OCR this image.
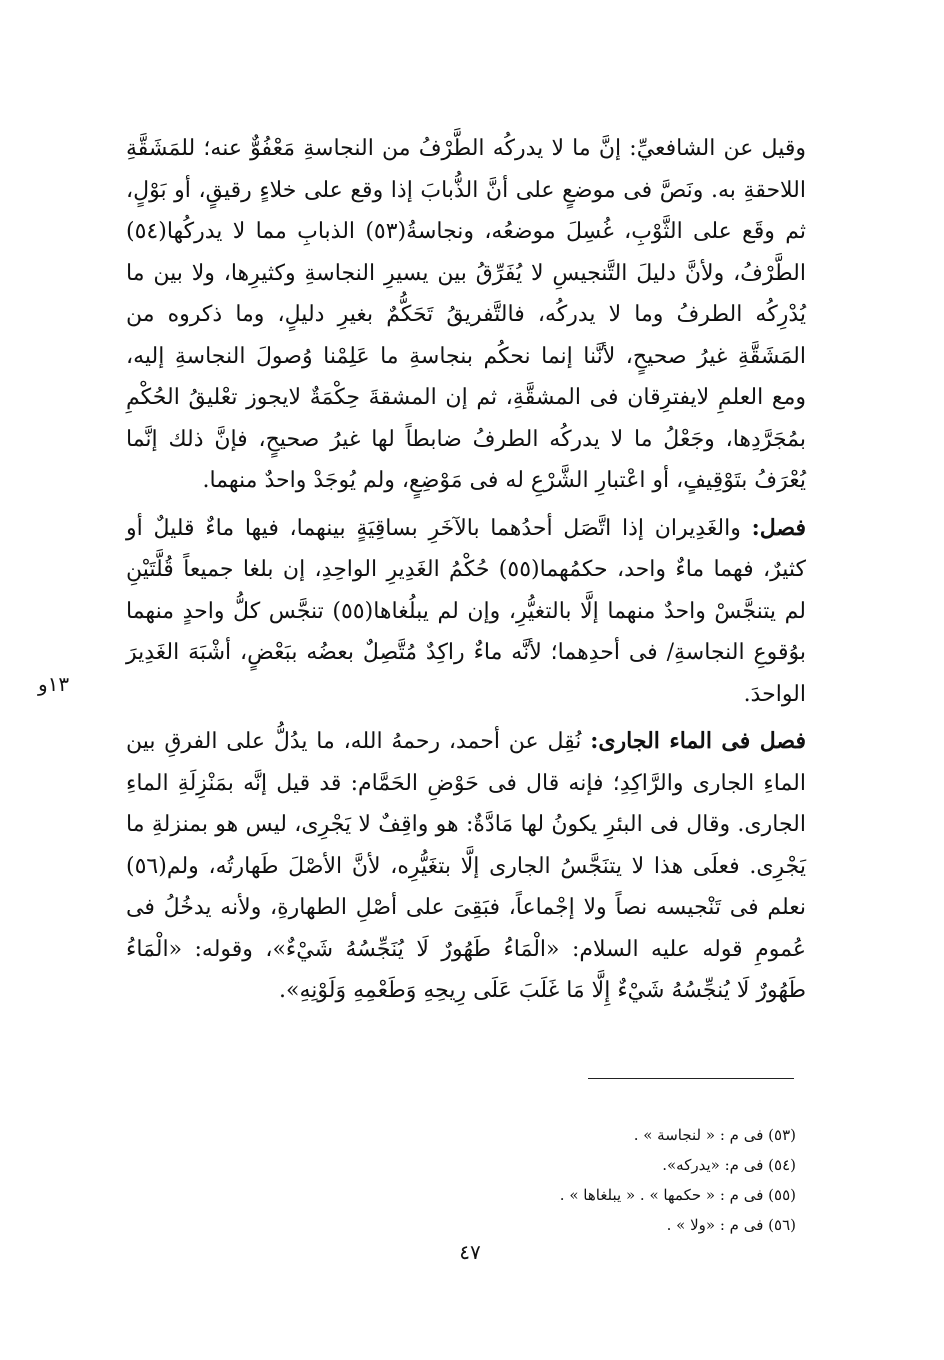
وقيل عن الشافعيِّ: إنَّ ما لا يدركُه الطَّرْفُ من النجاسةِ مَعْفُوٌّ عنه؛ للمَشَقَّةِ اللاحقةِ به. ونَصَّ فى موضعٍ على أنَّ الذُّبابَ إذا وقع على خلاءٍ رقيقٍ، أو بَوْلٍ، ثم وقَع على الثَّوْبِ، غُسِلَ موضعُه، ونجاسةُ(٥٣) الذبابِ مما لا يدركُها(٥٤) الطَّرْفُ، ولأنَّ دليلَ التَّنجيسِ لا يُفَرِّقُ بين يسيرِ النجاسةِ وكثيرِها، ولا بين ما يُدْرِكُه الطرفُ وما لا يدركُه، فالتَّفريقُ تَحَكُّمٌ بغيرِ دليلٍ، وما ذكروه من المَشَقَّةِ غيرُ صحيحٍ، لأنَّنا إنما نحكُم بنجاسةِ ما عَلِمْنا وُصولَ النجاسةِ إليه، ومع العلمِ لايفترِقان فى المشقَّةِ، ثم إن المشقةَ حِكْمَةٌ لايجوز تعْليقُ الحُكْمِ بمُجَرَّدِها، وجَعْلُ ما لا يدركُه الطرفُ ضابطاً لها غيرُ صحيحٍ، فإنَّ ذلك إنَّما يُعْرَفُ بتَوْقِيفٍ، أو اعْتبارِ الشَّرْعِ له فى مَوْضِعٍ، ولم يُوجَدْ واحدٌ منهما.

فصل: والغَدِيران إذا اتَّصَل أحدُهما بالآخَرِ بساقِيَةٍ بينهما، فيها ماءٌ قليلٌ أو كثيرٌ، فهما ماءٌ واحد، حكمُهما(٥٥) حُكْمُ الغَدِيرِ الواحِدِ، إن بلغا جميعاً قُلَّتَيْنِ لم يتنجَّسْ واحدٌ منهما إلَّا بالتغيُّرِ، وإن لم يبلُغاها(٥٥) تنجَّس كلُّ واحدٍ منهما بوُقوعِ النجاسةِ/ فى أحدِهما؛ لأنَّه ماءٌ راكِدٌ مُتَّصِلٌ بعضُه ببَعْضٍ، أشْبَهَ الغَدِيرَ الواحدَ.

فصل فى الماء الجارى: نُقِل عن أحمد، رحمهُ الله، ما يدُلُّ على الفرقِ بين الماءِ الجارى والرَّاكِدِ؛ فإنه قال فى حَوْضِ الحَمَّام: قد قيل إنَّه بمَنْزِلَةِ الماءِ الجارى. وقال فى البئرِ يكونُ لها مَادَّةٌ: هو واقِفٌ لا يَجْرِى، ليس هو بمنزلةِ ما يَجْرِى. فعلَى هذا لا يتنَجَّسُ الجارى إلَّا بتغَيُّرِه، لأنَّ الأصْلَ طَهارتُه، ولم(٥٦) نعلم فى تَنْجيسه نصاً ولا إجْماعاً، فبَقِىَ على أصْلِ الطهارةِ، ولأنه يدخُلُ فى عُمومِ قوله عليه السلام: «الْمَاءُ طَهُورٌ لَا يُنَجِّسُهُ شَيْءٌ»، وقوله: «الْمَاءُ طَهُورٌ لَا يُنجِّسُهُ شَيْءٌ إِلَّا مَا غَلَبَ عَلَى رِيحِهِ وَطَعْمِهِ وَلَوْنِهِ».

١٣و
(٥٣) فى م : « لنجاسة » .
(٥٤) فى م: «يدركه».
(٥٥) فى م : « حكمها » . « يبلغاها » .
(٥٦) فى م : «ولا » .
٤٧
